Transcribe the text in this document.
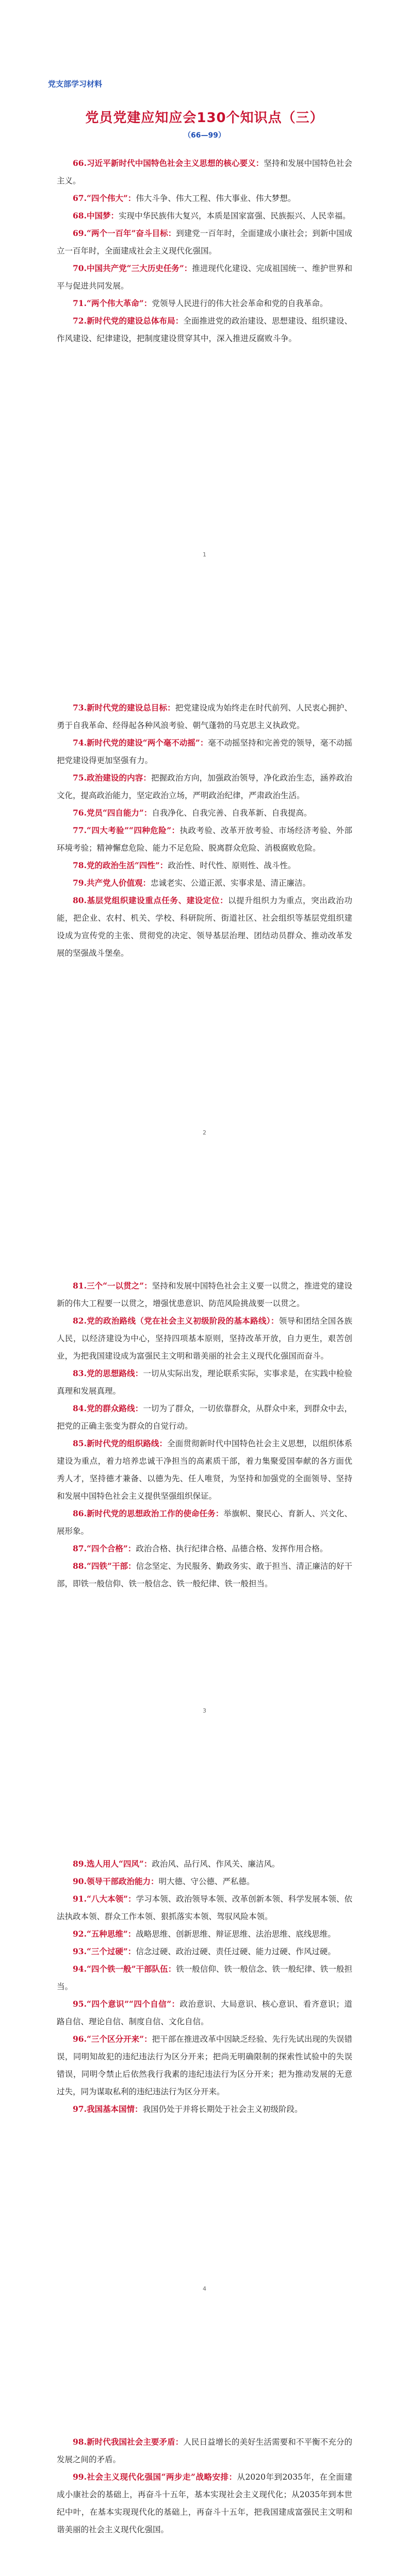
党支部学习材料
党员党建应知应会130个知识点（三）
（66—99）

66.习近平新时代中国特色社会主义思想的核心要义：坚持和发展中国特色社会主义。

67.“四个伟大”：伟大斗争、伟大工程、伟大事业、伟大梦想。

68.中国梦：实现中华民族伟大复兴，本质是国家富强、民族振兴、人民幸福。

69.“两个一百年”奋斗目标：到建党一百年时，全面建成小康社会；到新中国成立一百年时，全面建成社会主义现代化强国。

70.中国共产党“三大历史任务”：推进现代化建设、完成祖国统一、维护世界和平与促进共同发展。

71.“两个伟大革命”：党领导人民进行的伟大社会革命和党的自我革命。

72.新时代党的建设总体布局：全面推进党的政治建设、思想建设、组织建设、作风建设、纪律建设，把制度建设贯穿其中，深入推进反腐败斗争。

1

73.新时代党的建设总目标：把党建设成为始终走在时代前列、人民衷心拥护、勇于自我革命、经得起各种风浪考验、朝气蓬勃的马克思主义执政党。

74.新时代党的建设“两个毫不动摇”：毫不动摇坚持和完善党的领导，毫不动摇把党建设得更加坚强有力。

75.政治建设的内容：把握政治方向，加强政治领导，净化政治生态，涵养政治文化，提高政治能力，坚定政治立场，严明政治纪律，严肃政治生活。

76.党员“四自能力”：自我净化、自我完善、自我革新、自我提高。

77.“四大考验”“四种危险”：执政考验、改革开放考验、市场经济考验、外部环境考验；精神懈怠危险、能力不足危险、脱离群众危险、消极腐败危险。

78.党的政治生活“四性”：政治性、时代性、原则性、战斗性。

79.共产党人价值观：忠诚老实、公道正派、实事求是、清正廉洁。

80.基层党组织建设重点任务、建设定位：以提升组织力为重点，突出政治功能，把企业、农村、机关、学校、科研院所、街道社区、社会组织等基层党组织建设成为宣传党的主张、贯彻党的决定、领导基层治理、团结动员群众、推动改革发展的坚强战斗堡垒。

2

81.三个“一以贯之”：坚持和发展中国特色社会主义要一以贯之，推进党的建设新的伟大工程要一以贯之，增强忧患意识、防范风险挑战要一以贯之。

82.党的政治路线（党在社会主义初级阶段的基本路线）：领导和团结全国各族人民，以经济建设为中心，坚持四项基本原则，坚持改革开放，自力更生，艰苦创业，为把我国建设成为富强民主文明和谐美丽的社会主义现代化强国而奋斗。

83.党的思想路线：一切从实际出发，理论联系实际，实事求是，在实践中检验真理和发展真理。

84.党的群众路线：一切为了群众，一切依靠群众，从群众中来，到群众中去，把党的正确主张变为群众的自觉行动。

85.新时代党的组织路线：全面贯彻新时代中国特色社会主义思想，以组织体系建设为重点，着力培养忠诚干净担当的高素质干部，着力集聚爱国奉献的各方面优秀人才，坚持德才兼备、以德为先、任人唯贤，为坚持和加强党的全面领导、坚持和发展中国特色社会主义提供坚强组织保证。

86.新时代党的思想政治工作的使命任务：举旗帜、聚民心、育新人、兴文化、展形象。

87.“四个合格”：政治合格、执行纪律合格、品德合格、发挥作用合格。

88.“四铁”干部：信念坚定、为民服务、勤政务实、敢于担当、清正廉洁的好干部，即铁一般信仰、铁一般信念、铁一般纪律、铁一般担当。

3

89.选人用人“四风”：政治风、品行风、作风关、廉洁风。

90.领导干部政治能力：明大德、守公德、严私德。

91.“八大本领”：学习本领、政治领导本领、改革创新本领、科学发展本领、依法执政本领、群众工作本领、狠抓落实本领、驾驭风险本领。

92.“五种思维”：战略思维、创新思维、辩证思维、法治思维、底线思维。

93.“三个过硬”：信念过硬、政治过硬、责任过硬、能力过硬、作风过硬。

94.“四个铁一般”干部队伍：铁一般信仰、铁一般信念、铁一般纪律、铁一般担当。

95.“四个意识”“四个自信”：政治意识、大局意识、核心意识、看齐意识；道路自信、理论自信、制度自信、文化自信。

96.“三个区分开来”：把干部在推进改革中因缺乏经验、先行先试出现的失误错误，同明知故犯的违纪违法行为区分开来；把尚无明确限制的探索性试验中的失误错误，同明令禁止后依然我行我素的违纪违法行为区分开来；把为推动发展的无意过失，同为谋取私利的违纪违法行为区分开来。

97.我国基本国情：我国仍处于并将长期处于社会主义初级阶段。

4

98.新时代我国社会主要矛盾：人民日益增长的美好生活需要和不平衡不充分的发展之间的矛盾。

99.社会主义现代化强国“两步走”战略安排：从2020年到2035年，在全面建成小康社会的基础上，再奋斗十五年，基本实现社会主义现代化；从2035年到本世纪中叶，在基本实现现代化的基础上，再奋斗十五年，把我国建成富强民主文明和谐美丽的社会主义现代化强国。
